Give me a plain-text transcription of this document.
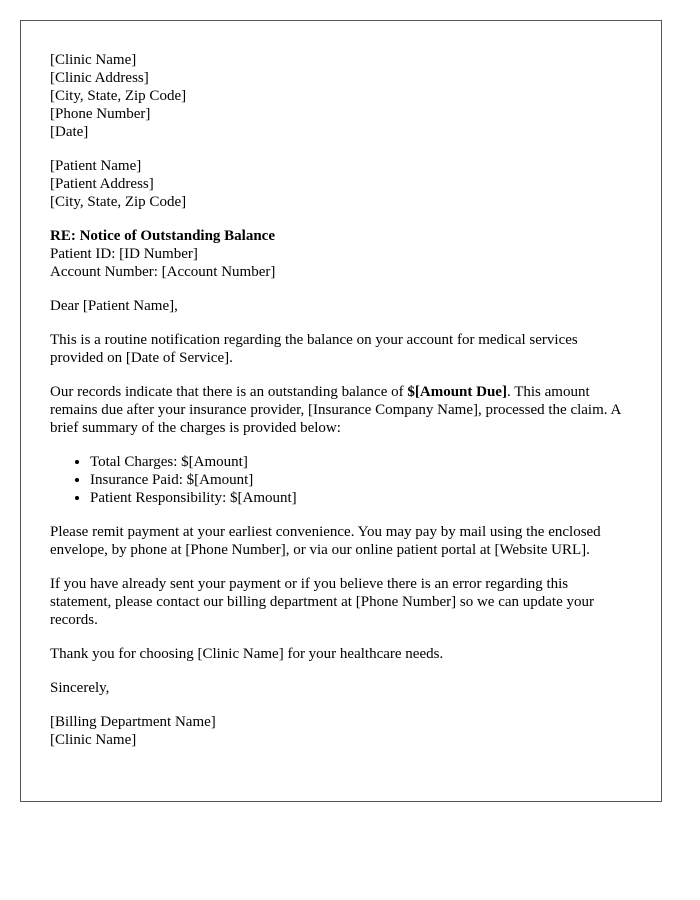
[Clinic Name]
[Clinic Address]
[City, State, Zip Code]
[Phone Number]
[Date]
[Patient Name]
[Patient Address]
[City, State, Zip Code]
RE: Notice of Outstanding Balance
Patient ID: [ID Number]
Account Number: [Account Number]

Dear [Patient Name],

This is a routine notification regarding the balance on your account for medical services provided on [Date of Service].

Our records indicate that there is an outstanding balance of $[Amount Due]. This amount remains due after your insurance provider, [Insurance Company Name], processed the claim. A brief summary of the charges is provided below:

• Total Charges: $[Amount]
• Insurance Paid: $[Amount]
• Patient Responsibility: $[Amount]

Please remit payment at your earliest convenience. You may pay by mail using the enclosed envelope, by phone at [Phone Number], or via our online patient portal at [Website URL].

If you have already sent your payment or if you believe there is an error regarding this statement, please contact our billing department at [Phone Number] so we can update your records.

Thank you for choosing [Clinic Name] for your healthcare needs.

Sincerely,

[Billing Department Name]
[Clinic Name]
